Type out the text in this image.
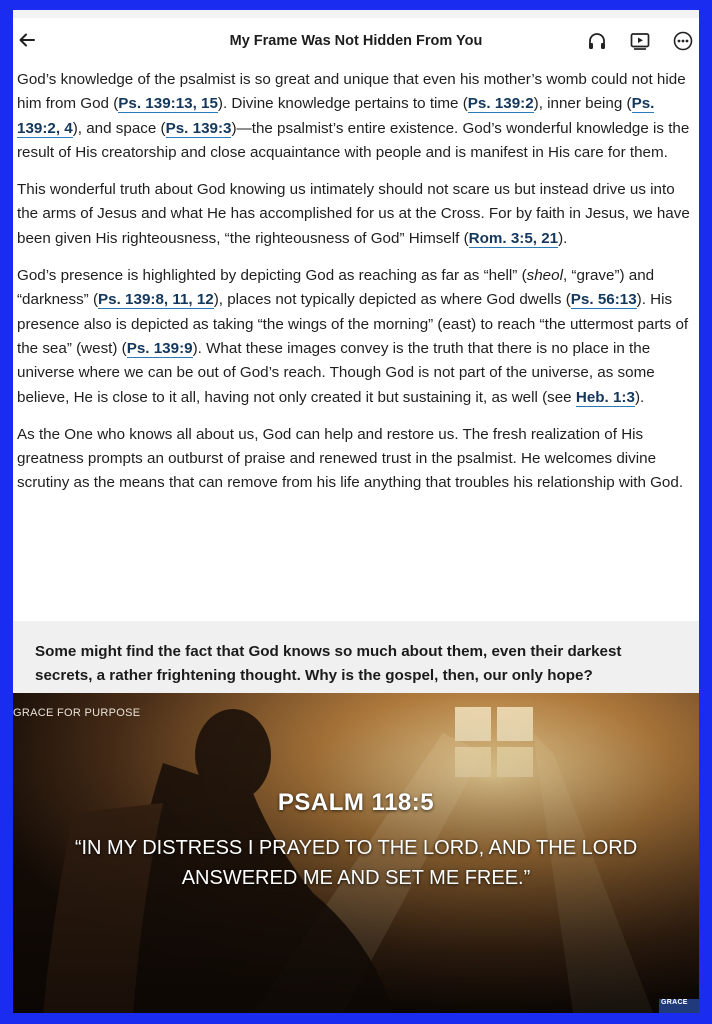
My Frame Was Not Hidden From You

God’s knowledge of the psalmist is so great and unique that even his mother’s womb could not hide him from God (Ps. 139:13, 15). Divine knowledge pertains to time (Ps. 139:2), inner being (Ps. 139:2, 4), and space (Ps. 139:3)—the psalmist’s entire existence. God’s wonderful knowledge is the result of His creatorship and close acquaintance with people and is manifest in His care for them.

This wonderful truth about God knowing us intimately should not scare us but instead drive us into the arms of Jesus and what He has accomplished for us at the Cross. For by faith in Jesus, we have been given His righteousness, “the righteousness of God” Himself (Rom. 3:5, 21).

God’s presence is highlighted by depicting God as reaching as far as “hell” (sheol, “grave”) and “darkness” (Ps. 139:8, 11, 12), places not typically depicted as where God dwells (Ps. 56:13). His presence also is depicted as taking “the wings of the morning” (east) to reach “the uttermost parts of the sea” (west) (Ps. 139:9). What these images convey is the truth that there is no place in the universe where we can be out of God’s reach. Though God is not part of the universe, as some believe, He is close to it all, having not only created it but sustaining it, as well (see Heb. 1:3).

As the One who knows all about us, God can help and restore us. The fresh realization of His greatness prompts an outburst of praise and renewed trust in the psalmist. He welcomes divine scrutiny as the means that can remove from his life anything that troubles his relationship with God.

Some might find the fact that God knows so much about them, even their darkest secrets, a rather frightening thought. Why is the gospel, then, our only hope?
GRACE FOR PURPOSE
PSALM 118:5
“IN MY DISTRESS I PRAYED TO THE LORD, AND THE LORD ANSWERED ME AND SET ME FREE.”
GRACE
